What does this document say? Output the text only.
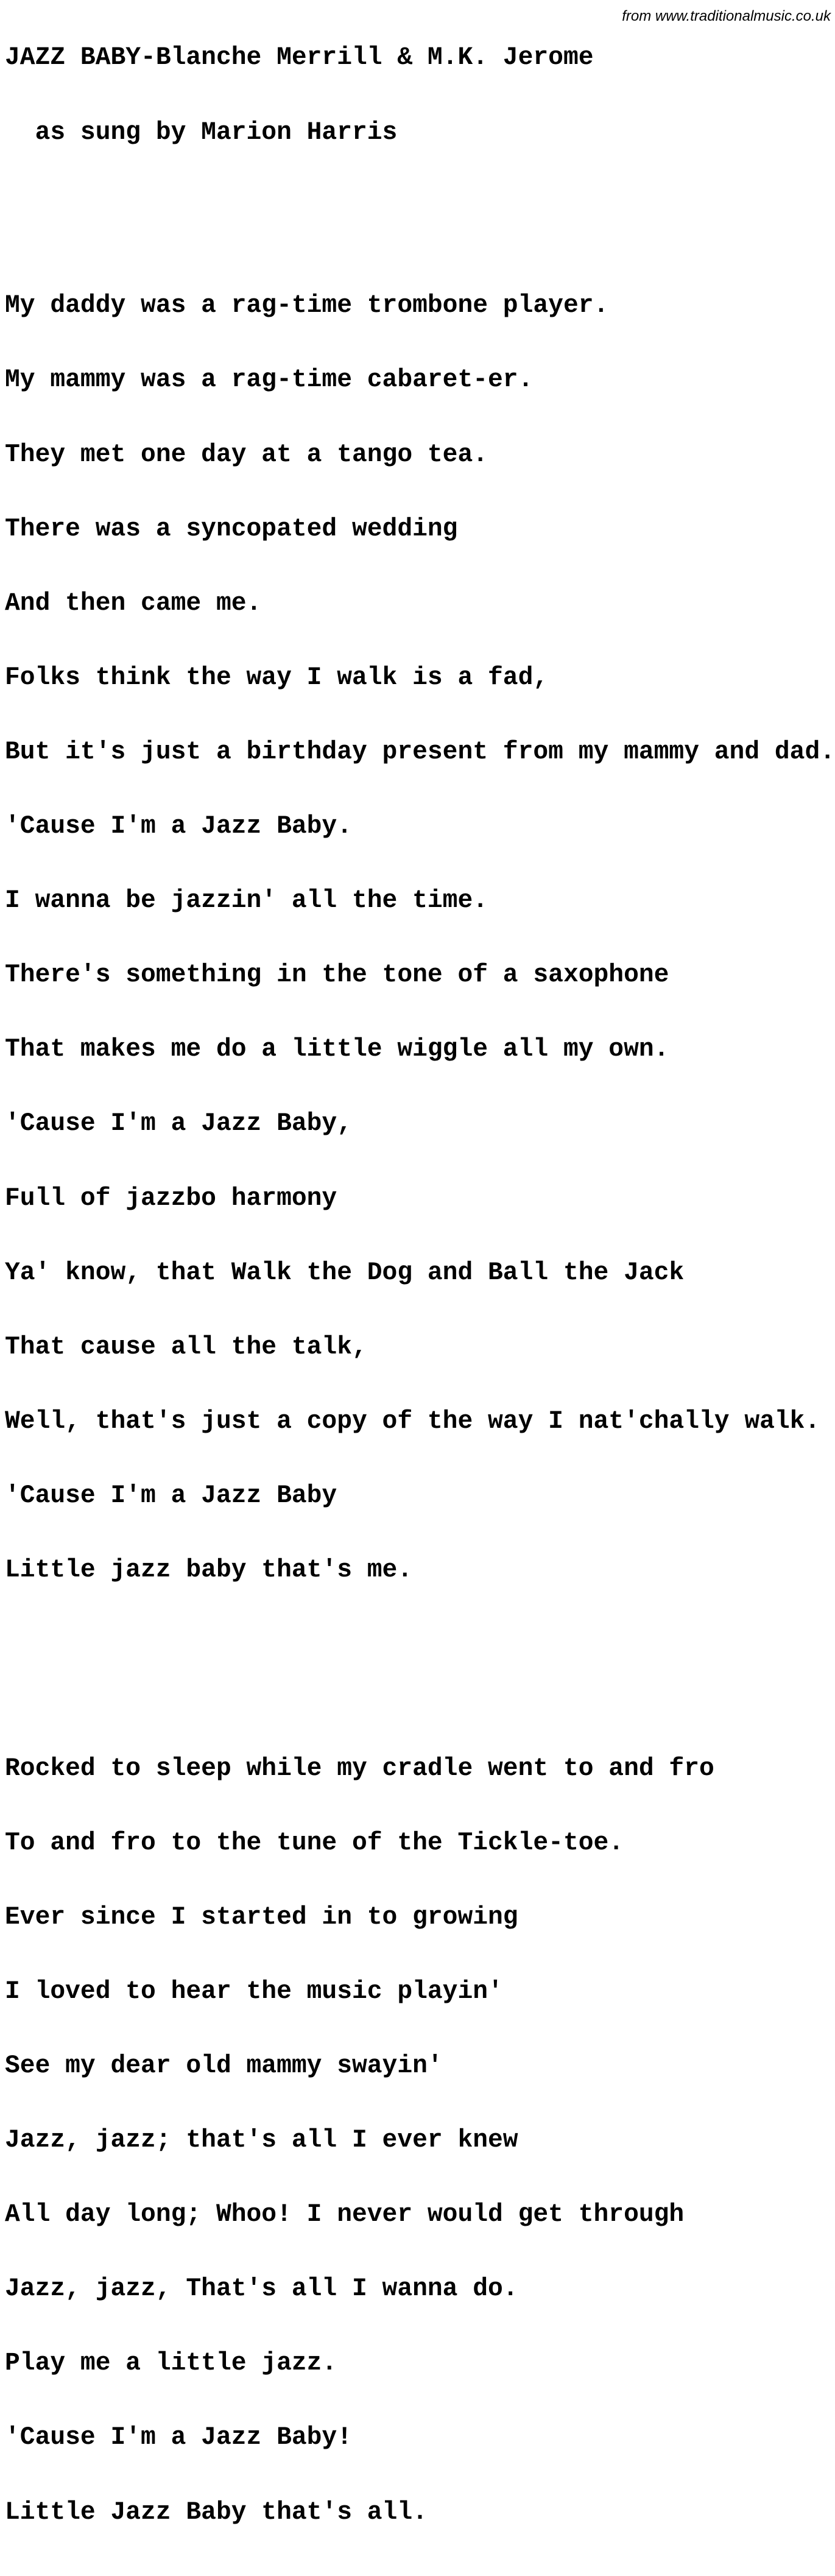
from www.traditionalmusic.co.uk

JAZZ BABY-Blanche Merrill & M.K. Jerome

as sung by Marion Harris

My daddy was a rag-time trombone player.

My mammy was a rag-time cabaret-er.

They met one day at a tango tea.

There was a syncopated wedding

And then came me.

Folks think the way I walk is a fad,

But it's just a birthday present from my mammy and dad.

'Cause I'm a Jazz Baby.

I wanna be jazzin' all the time.

There's something in the tone of a saxophone

That makes me do a little wiggle all my own.

'Cause I'm a Jazz Baby,

Full of jazzbo harmony

Ya' know, that Walk the Dog and Ball the Jack

That cause all the talk,

Well, that's just a copy of the way I nat'chally walk.

'Cause I'm a Jazz Baby

Little jazz baby that's me.

Rocked to sleep while my cradle went to and fro

To and fro to the tune of the Tickle-toe.

Ever since I started in to growing

I loved to hear the music playin'

See my dear old mammy swayin'

Jazz, jazz; that's all I ever knew

All day long; Whoo! I never would get through

Jazz, jazz, That's all I wanna do.

Play me a little jazz.

'Cause I'm a Jazz Baby!

Little Jazz Baby that's all.
